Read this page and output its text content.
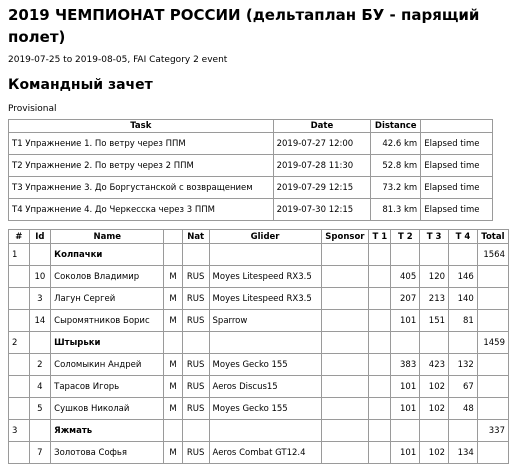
2019 ЧЕМПИОНАТ РОССИИ (дельтаплан БУ - парящий полет)
2019-07-25 to 2019-08-05, FAI Category 2 event
Командный зачет
Provisional
Task	Date	Distance	
T1 Упражнение 1. По ветру через ППМ	2019-07-27 12:00	42.6 km	Elapsed time
T2 Упражнение 2. По ветру через 2 ППМ	2019-07-28 11:30	52.8 km	Elapsed time
T3 Упражнение 3. До Боргустанской с возвращением	2019-07-29 12:15	73.2 km	Elapsed time
T4 Упражнение 4. До Черкесска через 3 ППМ	2019-07-30 12:15	81.3 km	Elapsed time
#	Id	Name		Nat	Glider	Sponsor	T 1	T 2	T 3	T 4	Total
1		Колпачки									1564
	10	Соколов Владимир	M	RUS	Moyes Litespeed RX3.5			405	120	146	
	3	Лагун Сергей	M	RUS	Moyes Litespeed RX3.5			207	213	140	
	14	Сыромятников Борис	M	RUS	Sparrow			101	151	81	
2		Штырьки									1459
	2	Соломыкин Андрей	M	RUS	Moyes Gecko 155			383	423	132	
	4	Тарасов Игорь	M	RUS	Aeros Discus15			101	102	67	
	5	Сушков Николай	M	RUS	Moyes Gecko 155			101	102	48	
3		Яжмать									337
	7	Золотова Софья	M	RUS	Aeros Combat GT12.4			101	102	134	
